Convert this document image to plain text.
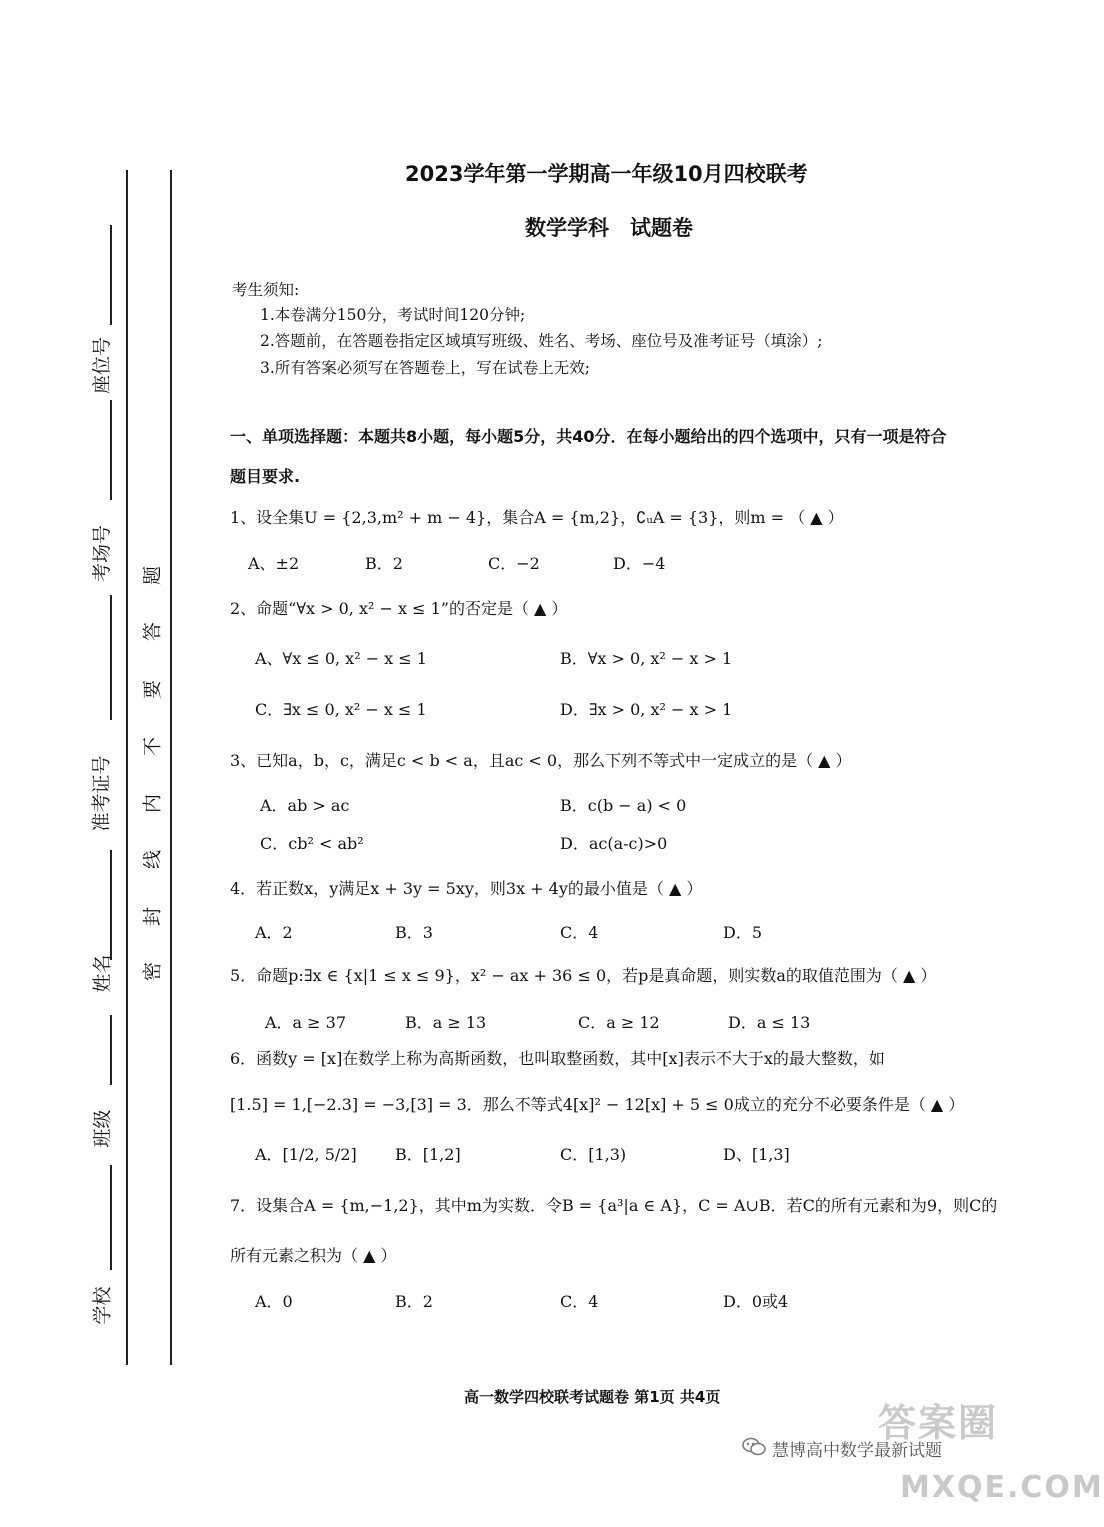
座位号
考场号
准考证号
姓名
班级
学校
题
答
要
不
内
线
封
密
2023学年第一学期高一年级10月四校联考
数学学科　试题卷
考生须知:
1.本卷满分150分，考试时间120分钟;
2.答题前，在答题卷指定区域填写班级、姓名、考场、座位号及准考证号（填涂）;
3.所有答案必须写在答题卷上，写在试卷上无效;
一、单项选择题：本题共8小题，每小题5分，共40分．在每小题给出的四个选项中，只有一项是符合
题目要求.
1、设全集U = {2,3,m² + m − 4}，集合A = {m,2}，∁ᵤA = {3}，则m = （ ▲ ）
A、±2	B．2	C．−2	D．−4
2、命题“∀x > 0, x² − x ≤ 1”的否定是（ ▲ ）
A、∀x ≤ 0, x² − x ≤ 1	B．∀x > 0, x² − x > 1
C．∃x ≤ 0, x² − x ≤ 1	D．∃x > 0, x² − x > 1
3、已知a，b，c，满足c < b < a，且ac < 0，那么下列不等式中一定成立的是（ ▲ ）
A．ab > ac	B．c(b − a) < 0
C．cb² < ab²	D．ac(a-c)>0
4．若正数x，y满足x + 3y = 5xy，则3x + 4y的最小值是（ ▲ ）
A．2	B．3	C．4	D．5
5．命题p:∃x ∈ {x|1 ≤ x ≤ 9}，x² − ax + 36 ≤ 0，若p是真命题，则实数a的取值范围为（ ▲ ）
A．a ≥ 37	B．a ≥ 13	C．a ≥ 12	D．a ≤ 13
6．函数y = [x]在数学上称为高斯函数，也叫取整函数，其中[x]表示不大于x的最大整数，如
[1.5] = 1,[−2.3] = −3,[3] = 3．那么不等式4[x]² − 12[x] + 5 ≤ 0成立的充分不必要条件是（ ▲ ）
A．[1/2, 5/2] B．[1,2]	C．[1,3)	D、[1,3]
7．设集合A = {m,−1,2}，其中m为实数．令B = {a³|a ∈ A}，C = A∪B．若C的所有元素和为9，则C的
所有元素之积为（ ▲ ）
A．0	B．2	C．4	D．0或4
高一数学四校联考试题卷 第1页 共4页
慧博高中数学最新试题
答案圈
MXQE.COM
